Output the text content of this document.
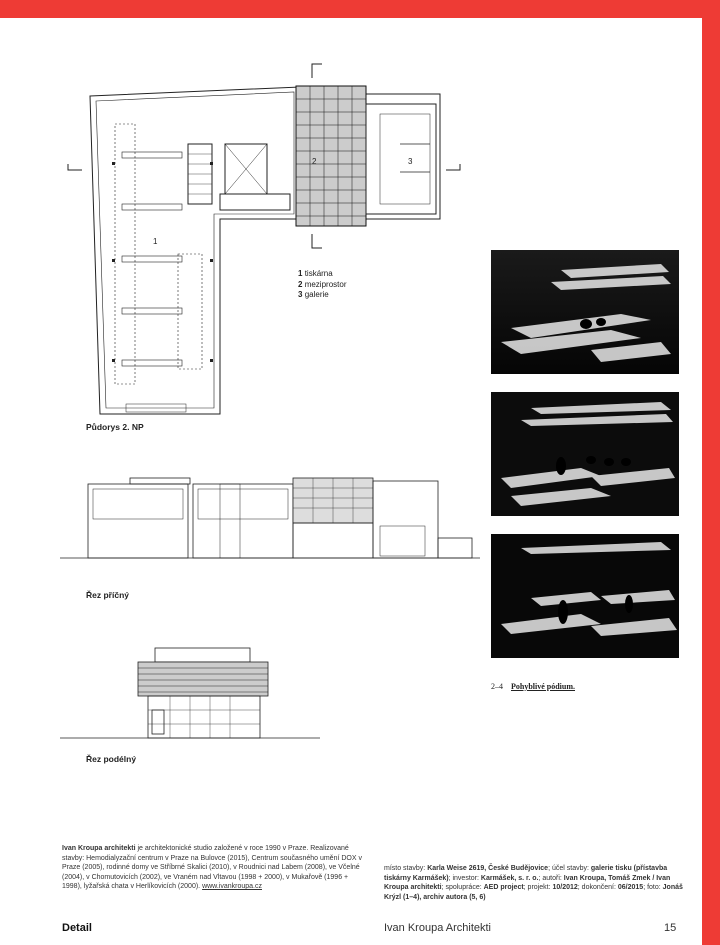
1
2	3
1 tiskárna
2 meziprostor
3 galerie
Půdorys 2. NP
Řez příčný
Řez podélný
2–4 Pohyblivé pódium.
Ivan Kroupa architekti je architektonické studio založené v roce 1990 v Praze. Realizované stavby: Hemodialyzační centrum v Praze na Bulovce (2015), Centrum současného umění DOX v Praze (2005), rodinné domy ve Stříbrné Skalici (2010), v Roudnici nad Labem (2008), ve Včelné (2004), v Chomutovicích (2002), ve Vraném nad Vltavou (1998 + 2000), v Mukařově (1996 + 1998), lyžařská chata v Herlíkovicích (2000). www.ivankroupa.cz
místo stavby: Karla Weise 2619, České Budějovice; účel stavby: galerie tisku (přístavba tiskárny Karmášek); investor: Karmášek, s. r. o.; autoři: Ivan Kroupa, Tomáš Zmek / Ivan Kroupa architekti; spolupráce: AED project; projekt: 10/2012; dokončení: 06/2015; foto: Jonáš Krýzl (1–4), archiv autora (5, 6)
Detail	Ivan Kroupa Architekti	15
